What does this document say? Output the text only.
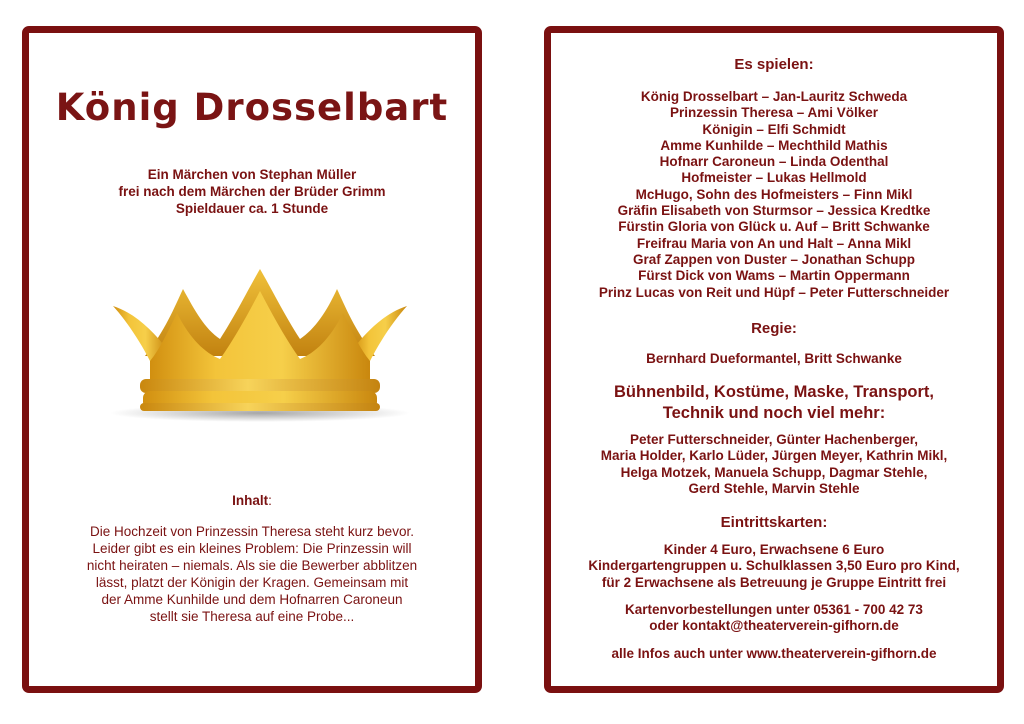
König Drosselbart
Ein Märchen von Stephan Müller
frei nach dem Märchen der Brüder Grimm
Spieldauer ca. 1 Stunde
Inhalt:
Die Hochzeit von Prinzessin Theresa steht kurz bevor.
Leider gibt es ein kleines Problem: Die Prinzessin will
nicht heiraten – niemals. Als sie die Bewerber abblitzen
lässt, platzt der Königin der Kragen. Gemeinsam mit
der Amme Kunhilde und dem Hofnarren Caroneun
stellt sie Theresa auf eine Probe...
Es spielen:
König Drosselbart – Jan-Lauritz Schweda
Prinzessin Theresa – Ami Völker
Königin – Elfi Schmidt
Amme Kunhilde – Mechthild Mathis
Hofnarr Caroneun – Linda Odenthal
Hofmeister – Lukas Hellmold
McHugo, Sohn des Hofmeisters – Finn Mikl
Gräfin Elisabeth von Sturmsor – Jessica Kredtke
Fürstin Gloria von Glück u. Auf – Britt Schwanke
Freifrau Maria von An und Halt – Anna Mikl
Graf Zappen von Duster – Jonathan Schupp
Fürst Dick von Wams – Martin Oppermann
Prinz Lucas von Reit und Hüpf – Peter Futterschneider
Regie:
Bernhard Dueformantel, Britt Schwanke
Bühnenbild, Kostüme, Maske, Transport,
Technik und noch viel mehr:
Peter Futterschneider, Günter Hachenberger,
Maria Holder, Karlo Lüder, Jürgen Meyer, Kathrin Mikl,
Helga Motzek, Manuela Schupp, Dagmar Stehle,
Gerd Stehle, Marvin Stehle
Eintrittskarten:
Kinder 4 Euro, Erwachsene 6 Euro
Kindergartengruppen u. Schulklassen 3,50 Euro pro Kind,
für 2 Erwachsene als Betreuung je Gruppe Eintritt frei
Kartenvorbestellungen unter 05361 - 700 42 73
oder kontakt@theaterverein-gifhorn.de
alle Infos auch unter www.theaterverein-gifhorn.de
